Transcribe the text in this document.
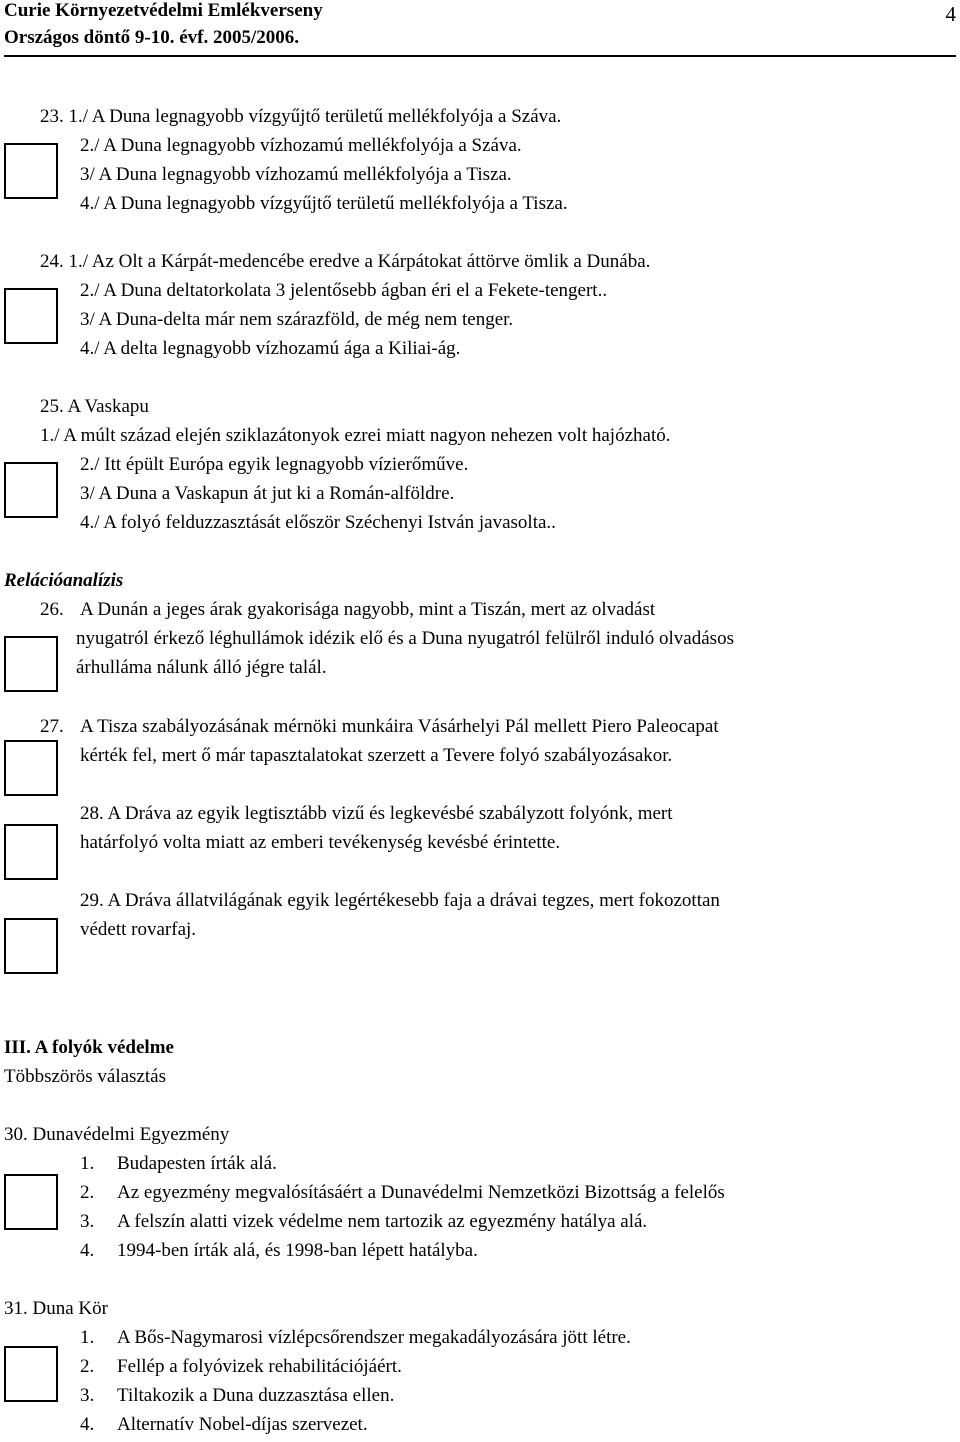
Curie Környezetvédelmi Emlékverseny
Országos döntő 9-10. évf. 2005/2006.
4
23. 1./ A Duna legnagyobb vízgyűjtő területű mellékfolyója a Száva.
2./ A Duna legnagyobb vízhozamú mellékfolyója a Száva.
3/ A Duna legnagyobb vízhozamú mellékfolyója a Tisza.
4./ A Duna legnagyobb vízgyűjtő területű mellékfolyója a Tisza.
24. 1./ Az Olt a Kárpát-medencébe eredve a Kárpátokat áttörve ömlik a Dunába.
2./ A Duna deltatorkolata 3 jelentősebb ágban éri el a Fekete-tengert..
3/ A Duna-delta már nem szárazföld, de még nem tenger.
4./ A delta legnagyobb vízhozamú ága a Kiliai-ág.
25. A Vaskapu
1./ A múlt század elején sziklazátonyok ezrei miatt nagyon nehezen volt hajózható.
2./ Itt épült Európa egyik legnagyobb vízierőműve.
3/ A Duna a Vaskapun át jut ki a Román-alföldre.
4./ A folyó felduzzasztását először Széchenyi István javasolta..
Relációanalízis
26. A Dunán a jeges árak gyakorisága nagyobb, mint a Tiszán, mert az olvadást
nyugatról érkező léghullámok idézik elő és a Duna nyugatról felülről induló olvadásos
árhulláma nálunk álló jégre talál.
27. A Tisza szabályozásának mérnöki munkáira Vásárhelyi Pál mellett Piero Paleocapat
kérték fel, mert ő már tapasztalatokat szerzett a Tevere folyó szabályozásakor.
28. A Dráva az egyik legtisztább vizű és legkevésbé szabályzott folyónk, mert
határfolyó volta miatt az emberi tevékenység kevésbé érintette.
29. A Dráva állatvilágának egyik legértékesebb faja a drávai tegzes, mert fokozottan
védett rovarfaj.
III. A folyók védelme
Többszörös választás
30. Dunavédelmi Egyezmény
1. Budapesten írták alá.
2. Az egyezmény megvalósításáért a Dunavédelmi Nemzetközi Bizottság a felelős
3. A felszín alatti vizek védelme nem tartozik az egyezmény hatálya alá.
4. 1994-ben írták alá, és 1998-ban lépett hatályba.
31. Duna Kör
1. A Bős-Nagymarosi vízlépcsőrendszer megakadályozására jött létre.
2. Fellép a folyóvizek rehabilitációjáért.
3. Tiltakozik a Duna duzzasztása ellen.
4. Alternatív Nobel-díjas szervezet.
